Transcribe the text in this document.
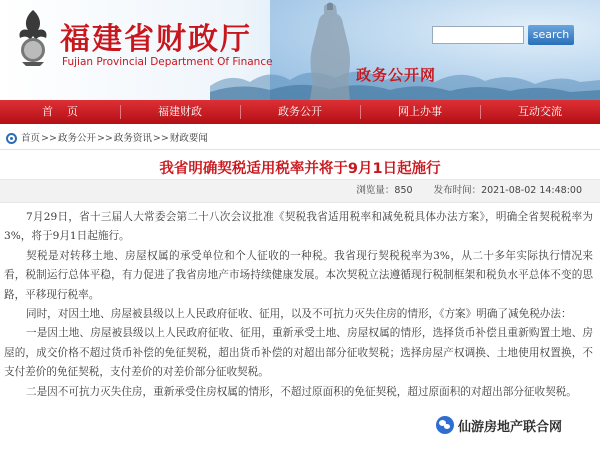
福建省财政厅
Fujian Provincial Department Of Finance
政务公开网
search
首页	福建财政	政务公开	网上办事	互动交流
首页 >> 政务公开 >> 政务资讯 >> 财政要闻
我省明确契税适用税率并将于9月1日起施行
浏览量：850 发布时间：2021-08-02 14:48:00

7月29日，省十三届人大常委会第二十八次会议批准《契税我省适用税率和减免税具体办法方案》，明确全省契税税率为3%，将于9月1日起施行。

契税是对转移土地、房屋权属的承受单位和个人征收的一种税。我省现行契税税率为3%，从二十多年实际执行情况来看，税制运行总体平稳，有力促进了我省房地产市场持续健康发展。本次契税立法遵循现行税制框架和税负水平总体不变的思路，平移现行税率。

同时，对因土地、房屋被县级以上人民政府征收、征用，以及不可抗力灭失住房的情形，《方案》明确了减免税办法：

一是因土地、房屋被县级以上人民政府征收、征用，重新承受土地、房屋权属的情形，选择货币补偿且重新购置土地、房屋的，成交价格不超过货币补偿的免征契税，超出货币补偿的对超出部分征收契税；选择房屋产权调换、土地使用权置换，不支付差价的免征契税，支付差价的对差价部分征收契税。

二是因不可抗力灭失住房，重新承受住房权属的情形，不超过原面积的免征契税，超过原面积的对超出部分征收契税。

仙游房地产联合网
